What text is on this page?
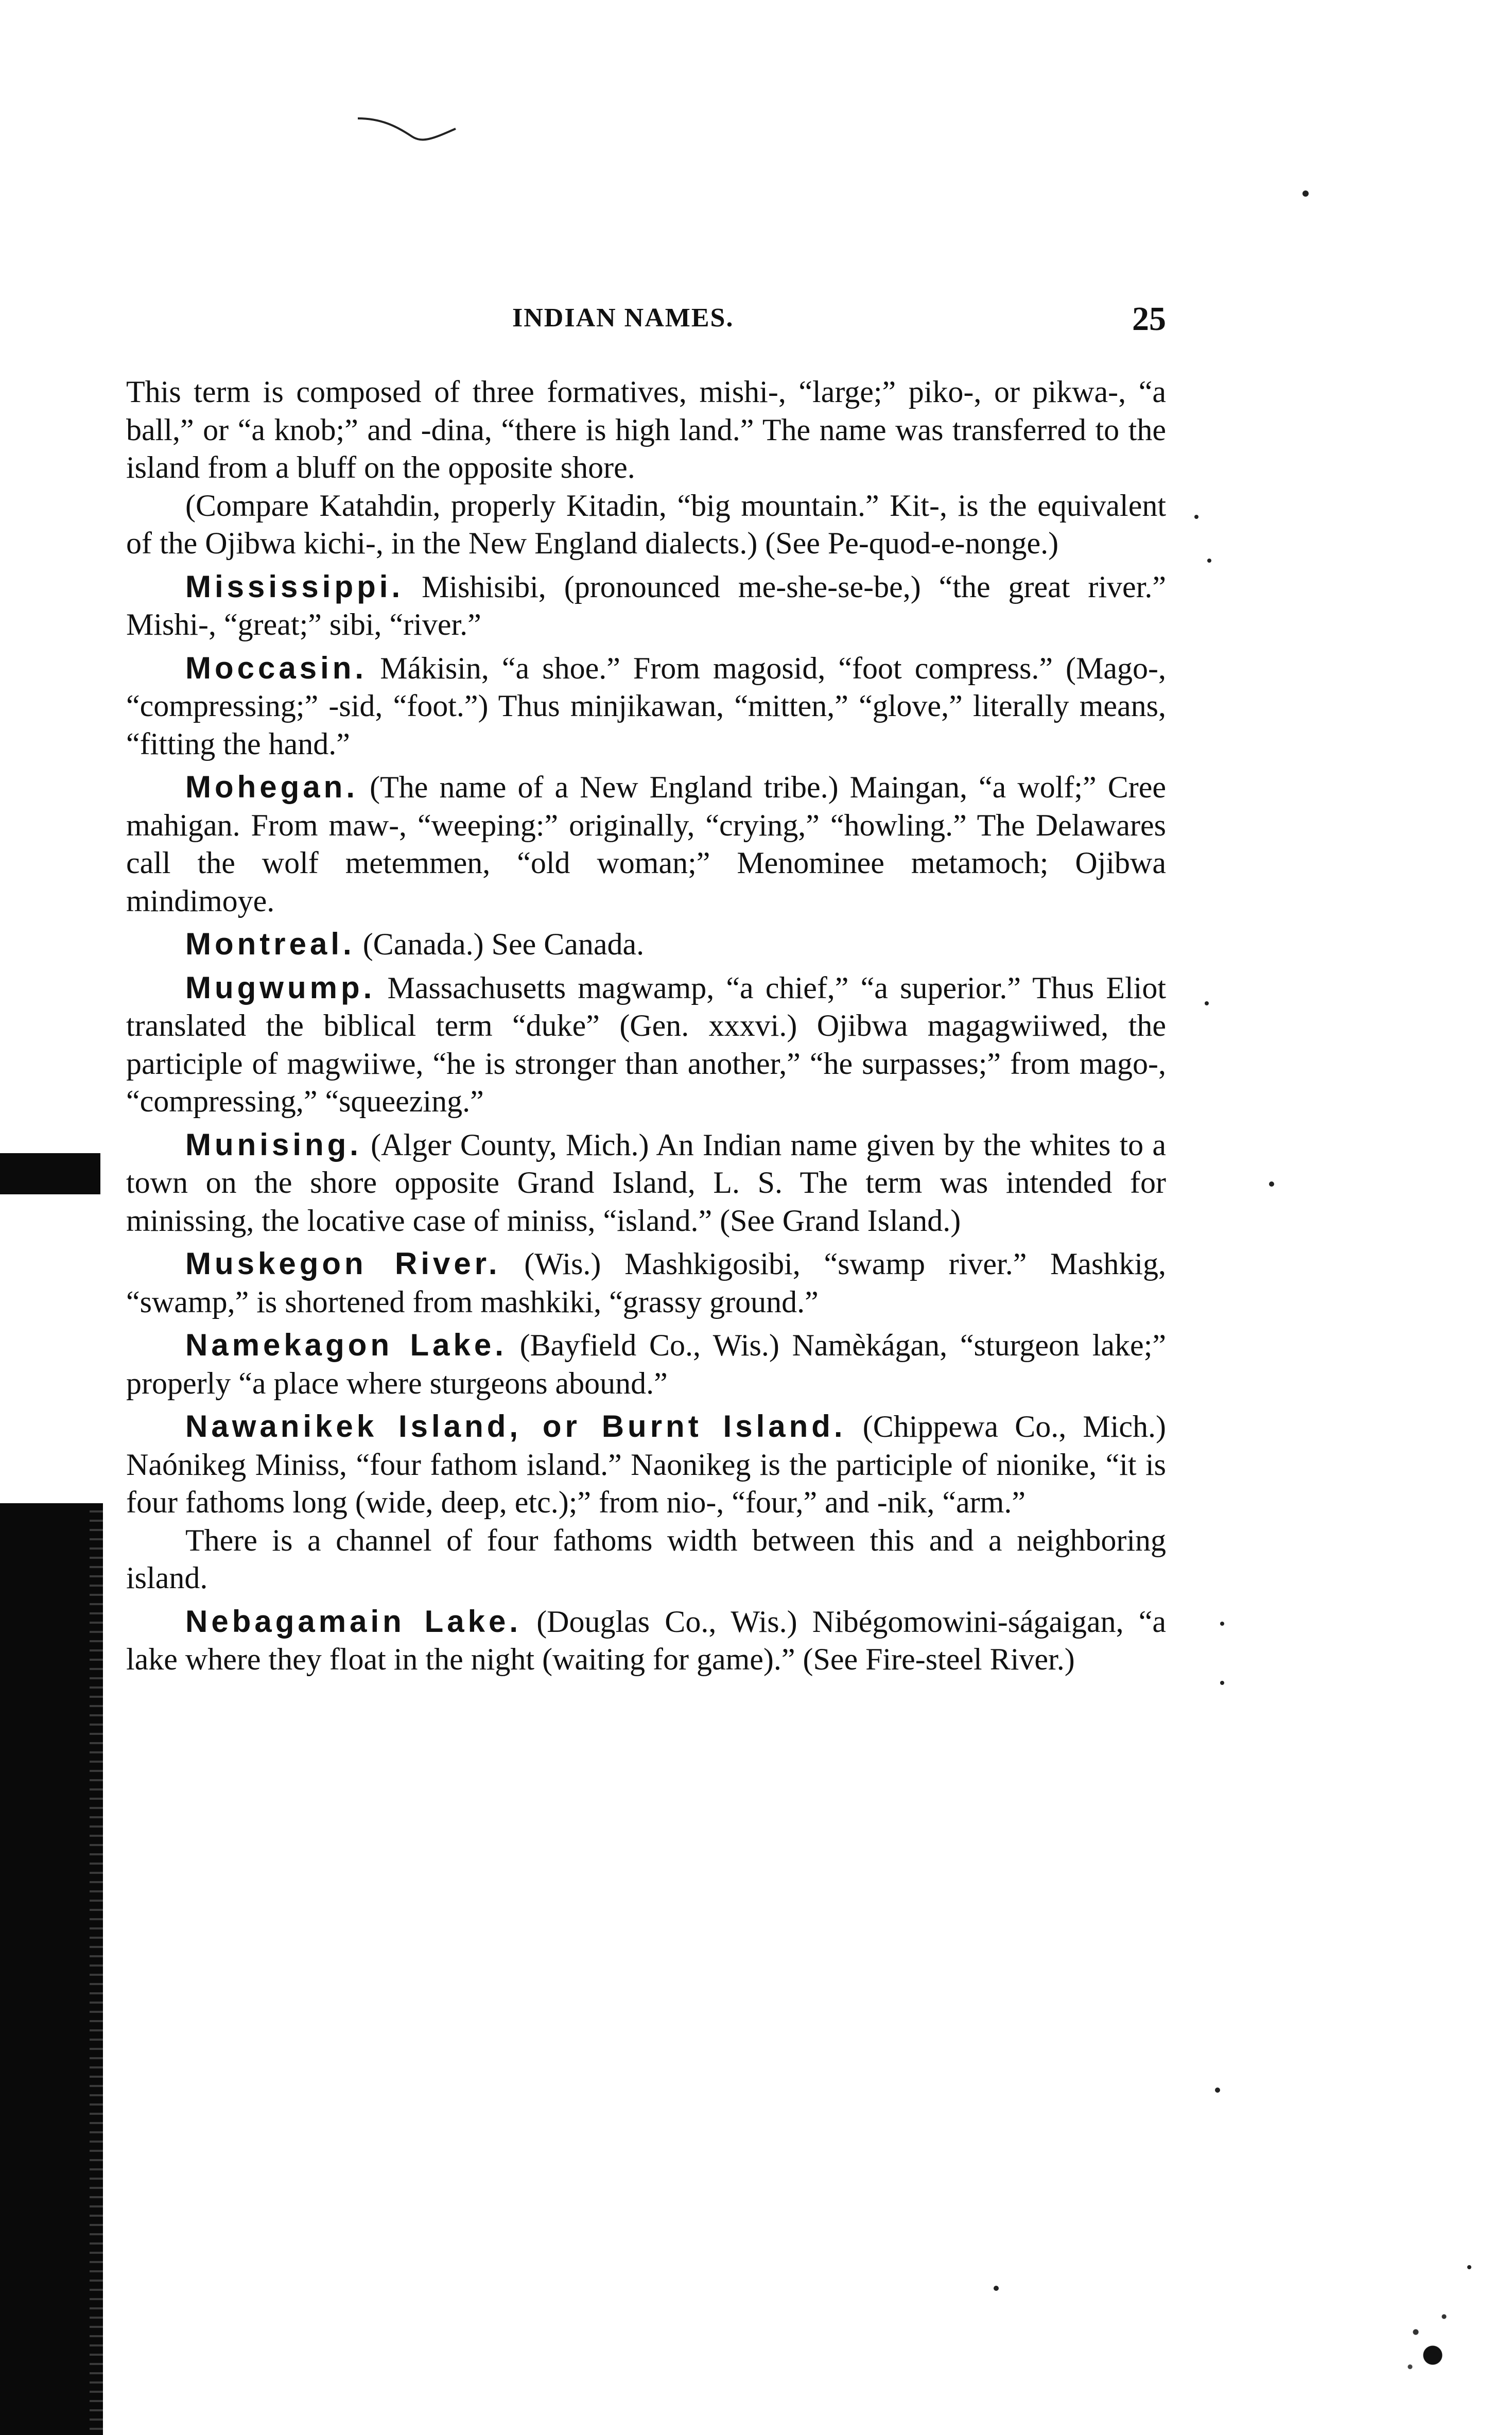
INDIAN NAMES.	25

This term is composed of three formatives, mishi-, “large;” piko-, or pikwa-, “a ball,” or “a knob;” and -dina, “there is high land.” The name was transferred to the island from a bluff on the opposite shore.

(Compare Katahdin, properly Kitadin, “big mountain.” Kit-, is the equivalent of the Ojibwa kichi-, in the New England dialects.) (See Pe-quod-e-nonge.)

Mississippi. Mishisibi, (pronounced me-she-se-be,) “the great river.” Mishi-, “great;” sibi, “river.”

Moccasin. Mákisin, “a shoe.” From magosid, “foot compress.” (Mago-, “compressing;” -sid, “foot.”) Thus minjikawan, “mitten,” “glove,” literally means, “fitting the hand.”

Mohegan. (The name of a New England tribe.) Maingan, “a wolf;” Cree mahigan. From maw-, “weeping:” originally, “crying,” “howling.” The Delawares call the wolf metemmen, “old woman;” Menominee metamoch; Ojibwa mindimoye.

Montreal. (Canada.) See Canada.

Mugwump. Massachusetts magwamp, “a chief,” “a superior.” Thus Eliot translated the biblical term “duke” (Gen. xxxvi.) Ojibwa magagwiiwed, the participle of magwiiwe, “he is stronger than another,” “he surpasses;” from mago-, “compressing,” “squeezing.”

Munising. (Alger County, Mich.) An Indian name given by the whites to a town on the shore opposite Grand Island, L. S. The term was intended for minissing, the locative case of miniss, “island.” (See Grand Island.)

Muskegon River. (Wis.) Mashkigosibi, “swamp river.” Mashkig, “swamp,” is shortened from mashkiki, “grassy ground.”

Namekagon Lake. (Bayfield Co., Wis.) Namèkágan, “sturgeon lake;” properly “a place where sturgeons abound.”

Nawanikek Island, or Burnt Island. (Chippewa Co., Mich.) Naónikeg Miniss, “four fathom island.” Naonikeg is the participle of nionike, “it is four fathoms long (wide, deep, etc.);” from nio-, “four,” and -nik, “arm.”

There is a channel of four fathoms width between this and a neighboring island.

Nebagamain Lake. (Douglas Co., Wis.) Nibégomowini-ságaigan, “a lake where they float in the night (waiting for game).” (See Fire-steel River.)
